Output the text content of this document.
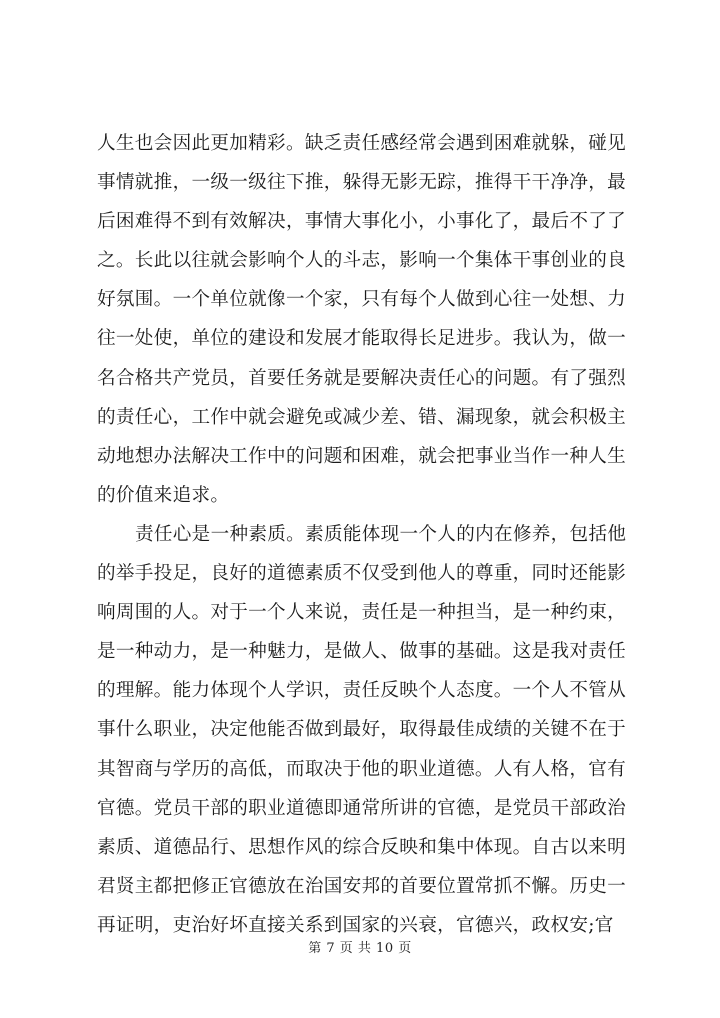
人生也会因此更加精彩。缺乏责任感经常会遇到困难就躲，碰见
事情就推，一级一级往下推，躲得无影无踪，推得干干净净，最
后困难得不到有效解决，事情大事化小，小事化了，最后不了了
之。长此以往就会影响个人的斗志，影响一个集体干事创业的良
好氛围。一个单位就像一个家，只有每个人做到心往一处想、力
往一处使，单位的建设和发展才能取得长足进步。我认为，做一
名合格共产党员，首要任务就是要解决责任心的问题。有了强烈
的责任心，工作中就会避免或减少差、错、漏现象，就会积极主
动地想办法解决工作中的问题和困难，就会把事业当作一种人生
的价值来追求。
责任心是一种素质。素质能体现一个人的内在修养，包括他
的举手投足，良好的道德素质不仅受到他人的尊重，同时还能影
响周围的人。对于一个人来说，责任是一种担当，是一种约束，
是一种动力，是一种魅力，是做人、做事的基础。这是我对责任
的理解。能力体现个人学识，责任反映个人态度。一个人不管从
事什么职业，决定他能否做到最好，取得最佳成绩的关键不在于
其智商与学历的高低，而取决于他的职业道德。人有人格，官有
官德。党员干部的职业道德即通常所讲的官德，是党员干部政治
素质、道德品行、思想作风的综合反映和集中体现。自古以来明
君贤主都把修正官德放在治国安邦的首要位置常抓不懈。历史一
再证明，吏治好坏直接关系到国家的兴衰，官德兴，政权安;官
第 7 页 共 10 页
